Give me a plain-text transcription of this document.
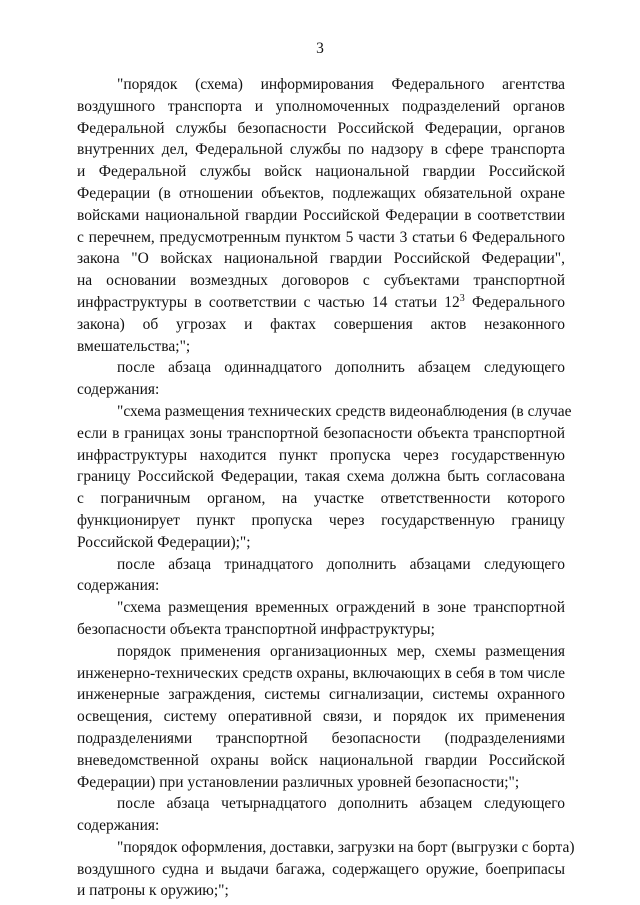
3
"порядок (схема) информирования Федерального агентства
воздушного транспорта и уполномоченных подразделений органов
Федеральной службы безопасности Российской Федерации, органов
внутренних дел, Федеральной службы по надзору в сфере транспорта
и Федеральной службы войск национальной гвардии Российской
Федерации (в отношении объектов, подлежащих обязательной охране
войсками национальной гвардии Российской Федерации в соответствии
с перечнем, предусмотренным пунктом 5 части 3 статьи 6 Федерального
закона "О войсках национальной гвардии Российской Федерации",
на основании возмездных договоров с субъектами транспортной
инфраструктуры в соответствии с частью 14 статьи $12^3$ Федерального
закона) об угрозах и фактах совершения актов незаконного
вмешательства;";
после абзаца одиннадцатого дополнить абзацем следующего
содержания:
"схема размещения технических средств видеонаблюдения (в случае
если в границах зоны транспортной безопасности объекта транспортной
инфраструктуры находится пункт пропуска через государственную
границу Российской Федерации, такая схема должна быть согласована
с пограничным органом, на участке ответственности которого
функционирует пункт пропуска через государственную границу
Российской Федерации);";
после абзаца тринадцатого дополнить абзацами следующего
содержания:
"схема размещения временных ограждений в зоне транспортной
безопасности объекта транспортной инфраструктуры;
порядок применения организационных мер, схемы размещения
инженерно-технических средств охраны, включающих в себя в том числе
инженерные заграждения, системы сигнализации, системы охранного
освещения, систему оперативной связи, и порядок их применения
подразделениями транспортной безопасности (подразделениями
вневедомственной охраны войск национальной гвардии Российской
Федерации) при установлении различных уровней безопасности;";
после абзаца четырнадцатого дополнить абзацем следующего
содержания:
"порядок оформления, доставки, загрузки на борт (выгрузки с борта)
воздушного судна и выдачи багажа, содержащего оружие, боеприпасы
и патроны к оружию;";
